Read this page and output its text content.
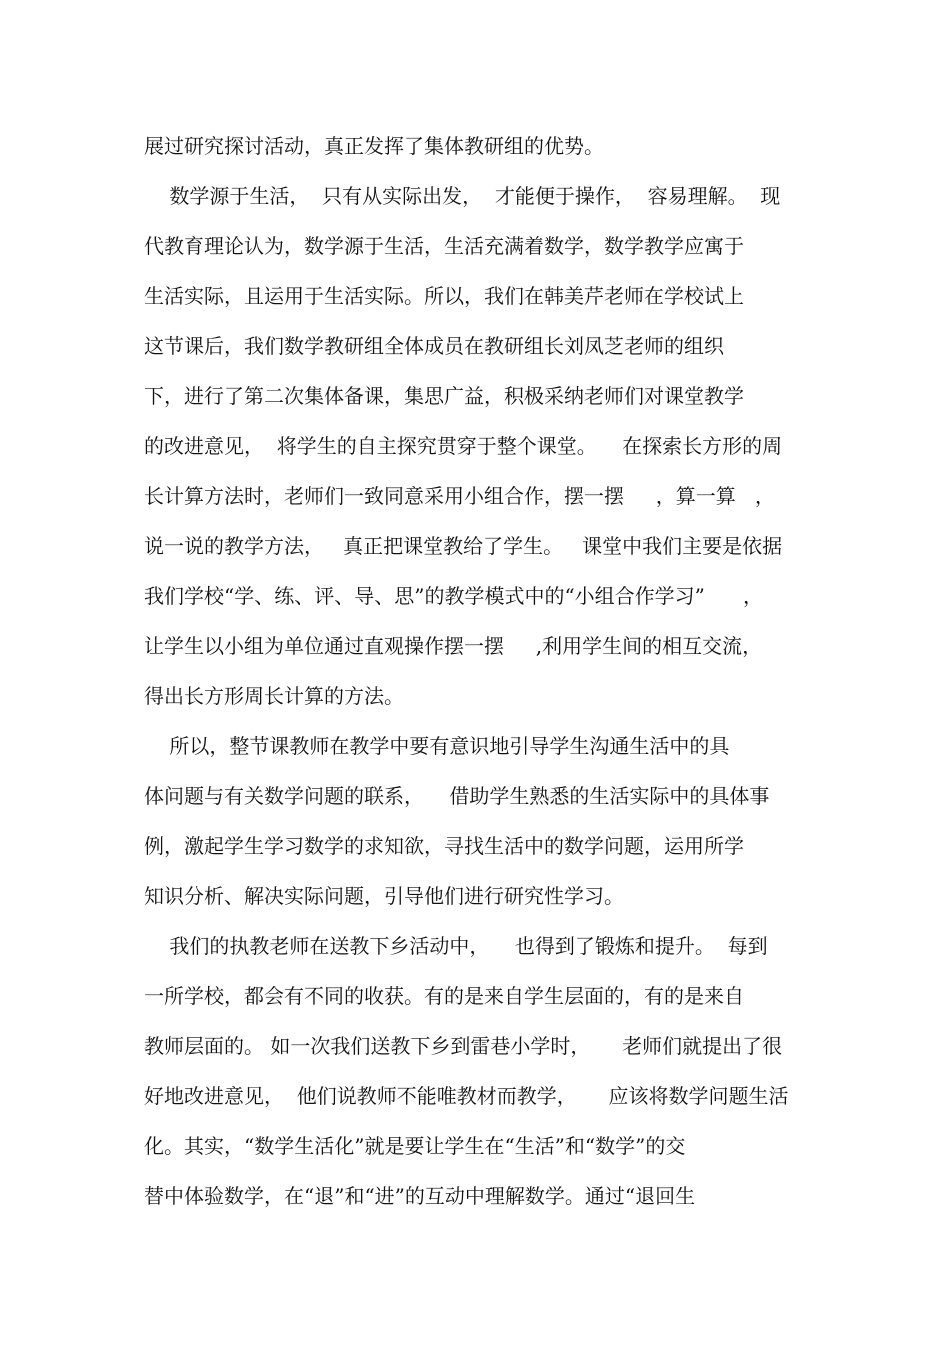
展过研究探讨活动，真正发挥了集体教研组的优势。
数学源于生活，  只有从实际出发，  才能便于操作，  容易理解。  现
代教育理论认为，数学源于生活，生活充满着数学，数学教学应寓于
生活实际，且运用于生活实际。所以，我们在韩美芹老师在学校试上
这节课后，我们数学教研组全体成员在教研组长刘凤芝老师的组织
下，进行了第二次集体备课，集思广益，积极采纳老师们对课堂教学
的改进意见，  将学生的自主探究贯穿于整个课堂。    在探索长方形的周
长计算方法时，老师们一致同意采用小组合作，摆一摆     ，算一算   ，
说一说的教学方法，   真正把课堂教给了学生。   课堂中我们主要是依据
我们学校“学、练、评、导、思”的教学模式中的“小组合作学习”      ，
让学生以小组为单位通过直观操作摆一摆     ,利用学生间的相互交流，
得出长方形周长计算的方法。
所以，整节课教师在教学中要有意识地引导学生沟通生活中的具
体问题与有关数学问题的联系，    借助学生熟悉的生活实际中的具体事
例，激起学生学习数学的求知欲，寻找生活中的数学问题，运用所学
知识分析、解决实际问题，引导他们进行研究性学习。
我们的执教老师在送教下乡活动中，    也得到了锻炼和提升。  每到
一所学校，都会有不同的收获。有的是来自学生层面的，有的是来自
教师层面的。 如一次我们送教下乡到雷巷小学时，     老师们就提出了很
好地改进意见，  他们说教师不能唯教材而教学，     应该将数学问题生活
化。其实，“数学生活化”就是要让学生在“生活”和“数学”的交
替中体验数学，在“退”和“进”的互动中理解数学。通过“退回生
